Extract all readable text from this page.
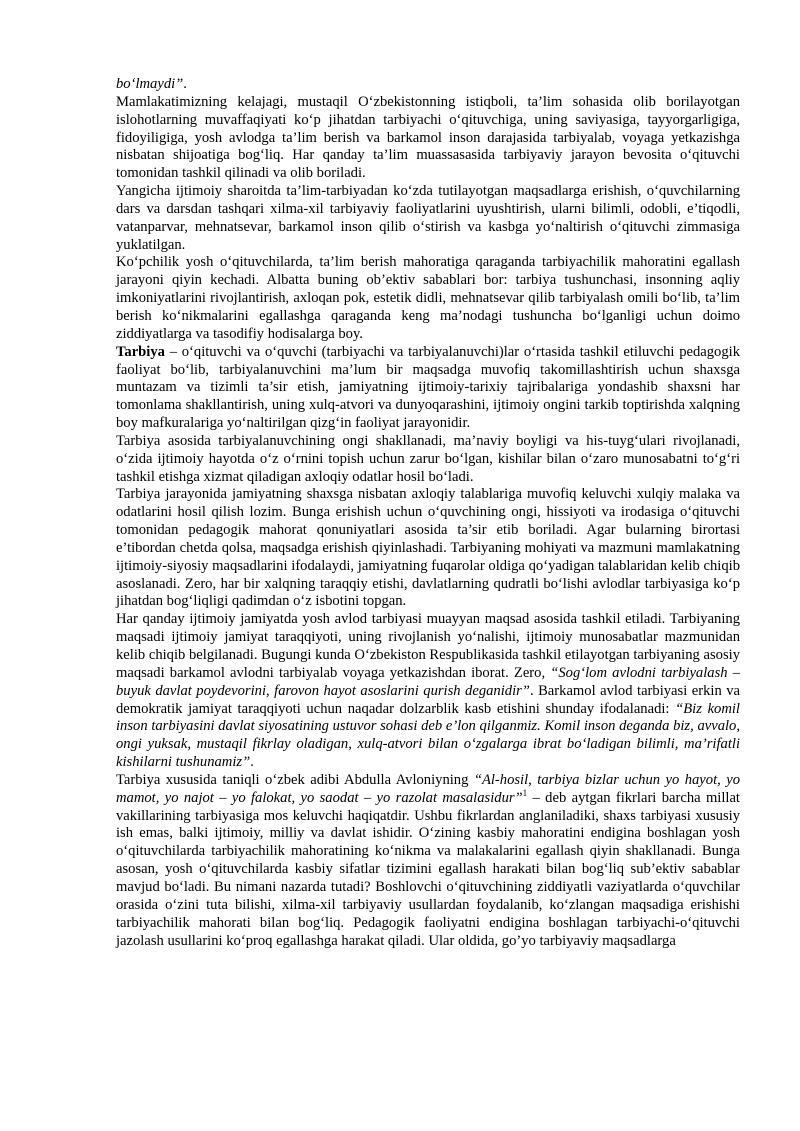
bo‘lmaydi”.

Mamlakatimizning kelajagi, mustaqil O‘zbekistonning istiqboli, ta’lim sohasida olib borilayotgan islohotlarning muvaffaqiyati ko‘p jihatdan tarbiyachi o‘qituvchiga, uning saviyasiga, tayyorgarligiga, fidoyiligiga, yosh avlodga ta’lim berish va barkamol inson darajasida tarbiyalab, voyaga yetkazishga nisbatan shijoatiga bog‘liq. Har qanday ta’lim muassasasida tarbiyaviy jarayon bevosita o‘qituvchi tomonidan tashkil qilinadi va olib boriladi.

Yangicha ijtimoiy sharoitda ta’lim-tarbiyadan ko‘zda tutilayotgan maqsadlarga erishish, o‘quvchilarning dars va darsdan tashqari xilma-xil tarbiyaviy faoliyatlarini uyushtirish, ularni bilimli, odobli, e’tiqodli, vatanparvar, mehnatsevar, barkamol inson qilib o‘stirish va kasbga yo‘naltirish o‘qituvchi zimmasiga yuklatilgan.

Ko‘pchilik yosh o‘qituvchilarda, ta’lim berish mahoratiga qaraganda tarbiyachilik mahoratini egallash jarayoni qiyin kechadi. Albatta buning ob’ektiv sabablari bor: tarbiya tushunchasi, insonning aqliy imkoniyatlarini rivojlantirish, axloqan pok, estetik didli, mehnatsevar qilib tarbiyalash omili bo‘lib, ta’lim berish ko‘nikmalarini egallashga qaraganda keng ma’nodagi tushuncha bo‘lganligi uchun doimo ziddiyatlarga va tasodifiy hodisalarga boy.

Tarbiya – o‘qituvchi va o‘quvchi (tarbiyachi va tarbiyalanuvchi)lar o‘rtasida tashkil etiluvchi pedagogik faoliyat bo‘lib, tarbiyalanuvchini ma’lum bir maqsadga muvofiq takomillashtirish uchun shaxsga muntazam va tizimli ta’sir etish, jamiyatning ijtimoiy-tarixiy tajribalariga yondashib shaxsni har tomonlama shakllantirish, uning xulq-atvori va dunyoqarashini, ijtimoiy ongini tarkib toptirishda xalqning boy mafkuralariga yo‘naltirilgan qizg‘in faoliyat jarayonidir.

Tarbiya asosida tarbiyalanuvchining ongi shakllanadi, ma’naviy boyligi va his-tuyg‘ulari rivojlanadi, o‘zida ijtimoiy hayotda o‘z o‘rnini topish uchun zarur bo‘lgan, kishilar bilan o‘zaro munosabatni to‘g‘ri tashkil etishga xizmat qiladigan axloqiy odatlar hosil bo‘ladi.

Tarbiya jarayonida jamiyatning shaxsga nisbatan axloqiy talablariga muvofiq keluvchi xulqiy malaka va odatlarini hosil qilish lozim. Bunga erishish uchun o‘quvchining ongi, hissiyoti va irodasiga o‘qituvchi tomonidan pedagogik mahorat qonuniyatlari asosida ta’sir etib boriladi. Agar bularning birortasi e’tibordan chetda qolsa, maqsadga erishish qiyinlashadi. Tarbiyaning mohiyati va mazmuni mamlakatning ijtimoiy-siyosiy maqsadlarini ifodalaydi, jamiyatning fuqarolar oldiga qo‘yadigan talablaridan kelib chiqib asoslanadi. Zero, har bir xalqning taraqqiy etishi, davlatlarning qudratli bo‘lishi avlodlar tarbiyasiga ko‘p jihatdan bog‘liqligi qadimdan o‘z isbotini topgan.

Har qanday ijtimoiy jamiyatda yosh avlod tarbiyasi muayyan maqsad asosida tashkil etiladi. Tarbiyaning maqsadi ijtimoiy jamiyat taraqqiyoti, uning rivojlanish yo‘nalishi, ijtimoiy munosabatlar mazmunidan kelib chiqib belgilanadi. Bugungi kunda O‘zbekiston Respublikasida tashkil etilayotgan tarbiyaning asosiy maqsadi barkamol avlodni tarbiyalab voyaga yetkazishdan iborat. Zero, “Sog‘lom avlodni tarbiyalash – buyuk davlat poydevorini, farovon hayot asoslarini qurish deganidir”. Barkamol avlod tarbiyasi erkin va demokratik jamiyat taraqqiyoti uchun naqadar dolzarblik kasb etishini shunday ifodalanadi: “Biz komil inson tarbiyasini davlat siyosatining ustuvor sohasi deb e’lon qilganmiz. Komil inson deganda biz, avvalo, ongi yuksak, mustaqil fikrlay oladigan, xulq-atvori bilan o‘zgalarga ibrat bo‘ladigan bilimli, ma’rifatli kishilarni tushunamiz”.

Tarbiya xususida taniqli o‘zbek adibi Abdulla Avloniyning “Al-hosil, tarbiya bizlar uchun yo hayot, yo mamot, yo najot – yo falokat, yo saodat – yo razolat masalasidur”$^1$ – deb aytgan fikrlari barcha millat vakillarining tarbiyasiga mos keluvchi haqiqatdir. Ushbu fikrlardan anglaniladiki, shaxs tarbiyasi xususiy ish emas, balki ijtimoiy, milliy va davlat ishidir. O‘zining kasbiy mahoratini endigina boshlagan yosh o‘qituvchilarda tarbiyachilik mahoratining ko‘nikma va malakalarini egallash qiyin shakllanadi. Bunga asosan, yosh o‘qituvchilarda kasbiy sifatlar tizimini egallash harakati bilan bog‘liq sub’ektiv sabablar mavjud bo‘ladi. Bu nimani nazarda tutadi? Boshlovchi o‘qituvchining ziddiyatli vaziyatlarda o‘quvchilar orasida o‘zini tuta bilishi, xilma-xil tarbiyaviy usullardan foydalanib, ko‘zlangan maqsadiga erishishi tarbiyachilik mahorati bilan bog‘liq. Pedagogik faoliyatni endigina boshlagan tarbiyachi-o‘qituvchi jazolash usullarini ko‘proq egallashga harakat qiladi. Ular oldida, go’yo tarbiyaviy maqsadlarga
